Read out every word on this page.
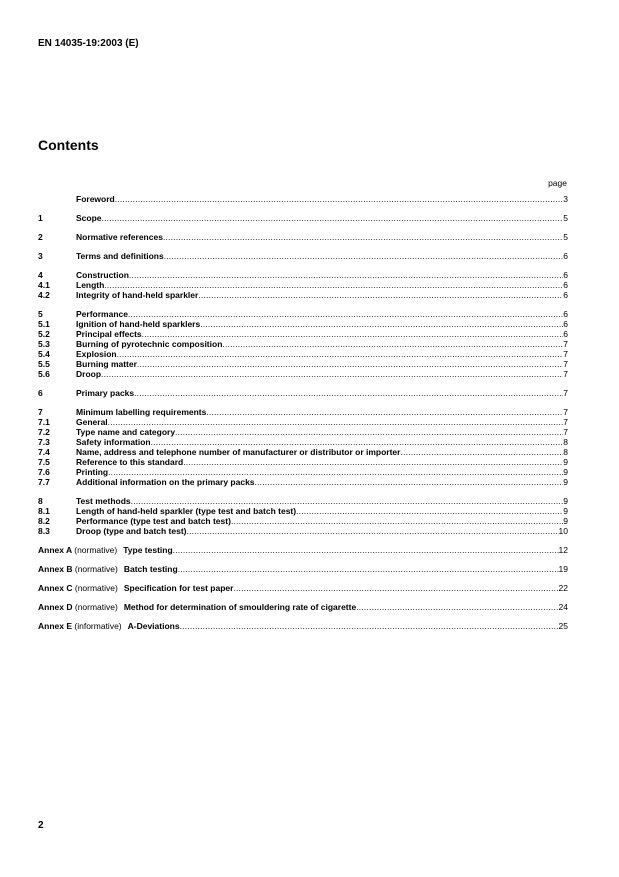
EN 14035-19:2003 (E)
Contents
page
Foreword .....	3
1	Scope .....	5
2	Normative references .....	5
3	Terms and definitions .....	6
4	Construction .....	6
4.1	Length .....	6
4.2	Integrity of hand-held sparkler .....	6
5	Performance .....	6
5.1	Ignition of hand-held sparklers .....	6
5.2	Principal effects .....	6
5.3	Burning of pyrotechnic composition .....	7
5.4	Explosion .....	7
5.5	Burning matter .....	7
5.6	Droop .....	7
6	Primary packs .....	7
7	Minimum labelling requirements .....	7
7.1	General .....	7
7.2	Type name and category .....	7
7.3	Safety information .....	8
7.4	Name, address and telephone number of manufacturer or distributor or importer .....	8
7.5	Reference to this standard .....	9
7.6	Printing .....	9
7.7	Additional information on the primary packs .....	9
8	Test methods .....	9
8.1	Length of hand-held sparkler (type test and batch test) .....	9
8.2	Performance (type test and batch test) .....	9
8.3	Droop (type and batch test) .....	10
Annex A (normative) Type testing .....	12
Annex B (normative) Batch testing .....	19
Annex C (normative) Specification for test paper .....	22
Annex D (normative) Method for determination of smouldering rate of cigarette .....	24
Annex E (informative) A-Deviations .....	25
2
